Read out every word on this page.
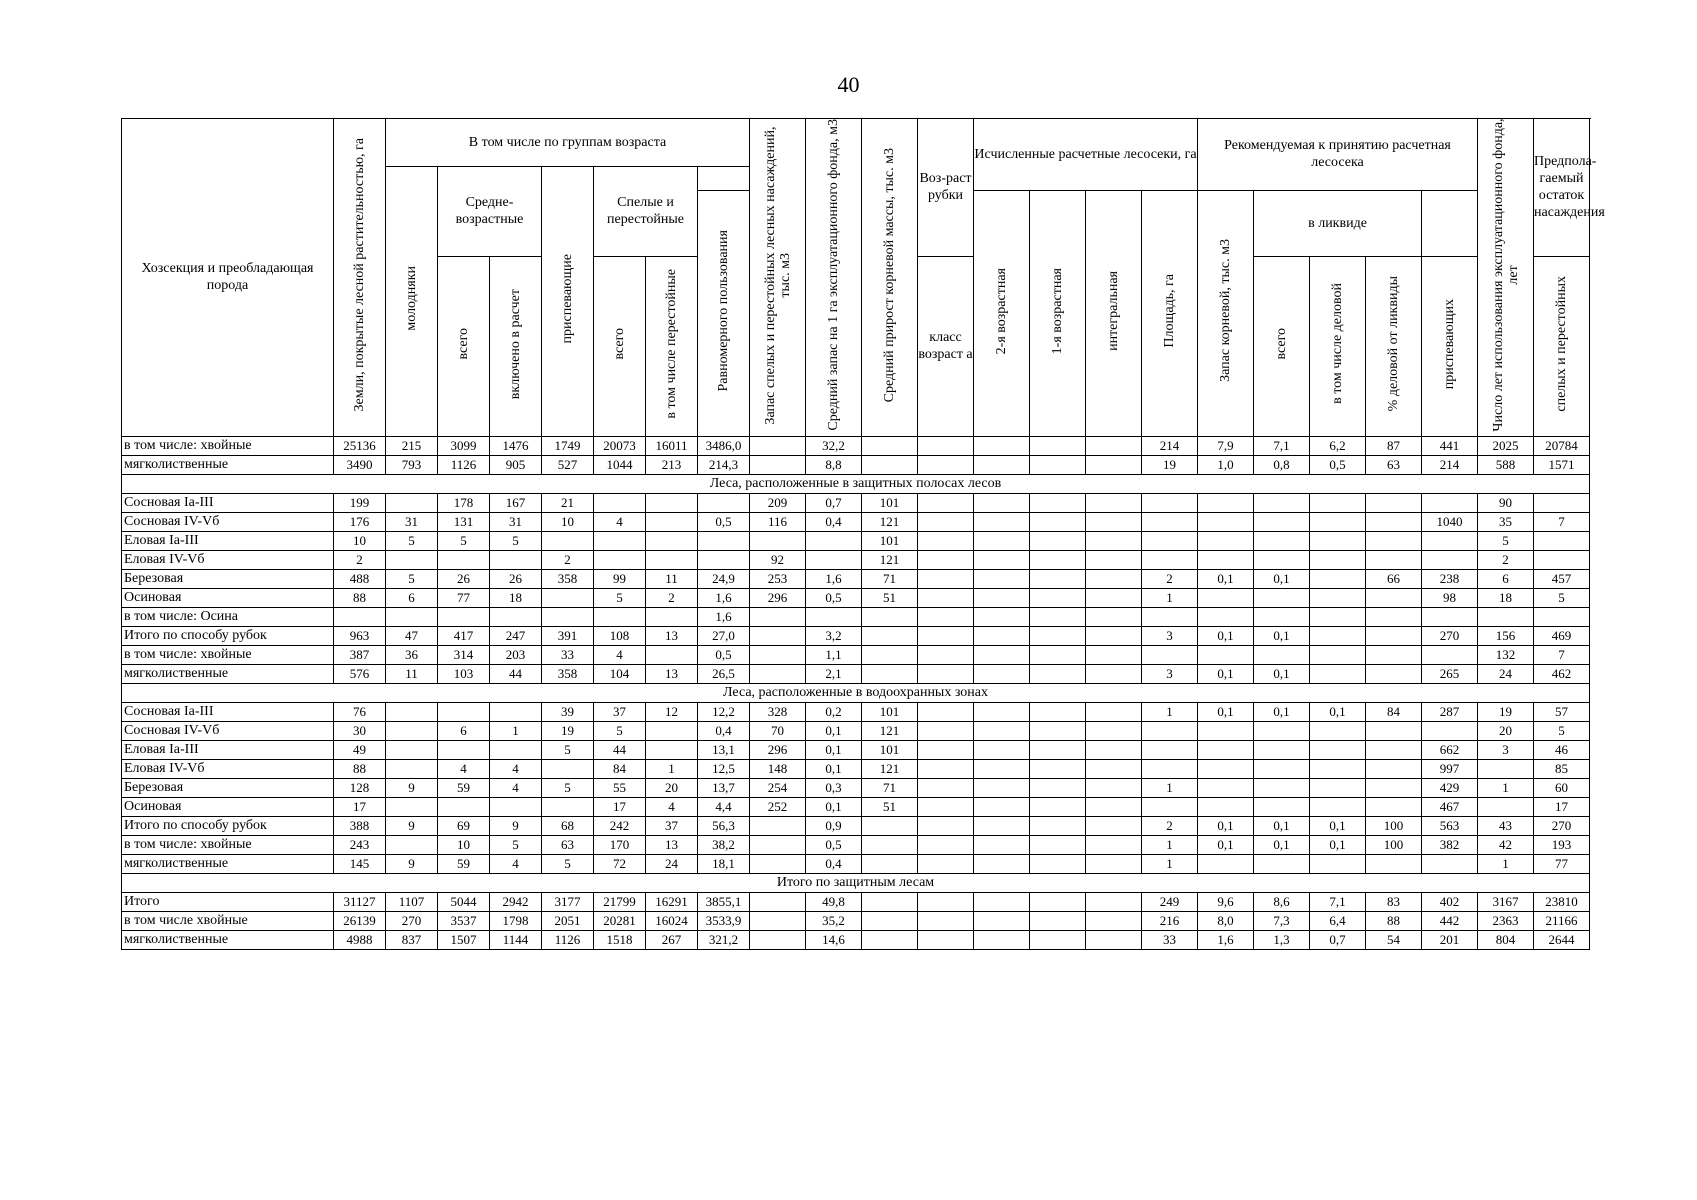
40
Хозсекция и преобладающая порода	Земли, покрытые лесной растительностью, га	В том числе по группам возраста							Запас спелых и перестойных лесных насаждений, тыс. м3	Средний запас на 1 га эксплуатационного фонда, м3	Средний прирост корневой массы, тыс. м3	Воз-раст рубки	Исчисленные расчетные лесосеки, га				Рекомендуемая к принятию расчетная лесосека					Число лет использования эксплуатационного фонда, лет	Предпола-гаемый остаток насаждения
		молодняки	Средне-возрастные		приспевающие	Спелые и перестойные																	
								Равномерного пользования					2-я возрастная	1-я возрастная	интегральная	Площадь, га	Запас корневой, тыс. м3	в ликвиде					
			всего	включено в расчет		всего	в том числе перестойные					класс возраст а						всего	в том числе деловой	% деловой от ликвиды	приспевающих		спелых и перестойных

в том числе: хвойные	25136	215	3099	1476	1749	20073	16011	3486,0		32,2						214	7,9	7,1	6,2	87	441	2025	20784
мягколиственные	3490	793	1126	905	527	1044	213	214,3		8,8						19	1,0	0,8	0,5	63	214	588	1571
Леса, расположенные в защитных полосах лесов																							
Сосновая Ia-III	199		178	167	21				209	0,7	101											90	
Сосновая IV-Vб	176	31	131	31	10	4		0,5	116	0,4	121										1040	35	7
Еловая Ia-III	10	5	5	5							101											5	
Еловая IV-Vб	2				2				92		121											2	
Березовая	488	5	26	26	358	99	11	24,9	253	1,6	71					2	0,1	0,1		66	238	6	457
Осиновая	88	6	77	18		5	2	1,6	296	0,5	51					1					98	18	5
в том числе: Осина								1,6															
Итого по способу рубок	963	47	417	247	391	108	13	27,0		3,2						3	0,1	0,1			270	156	469
в том числе: хвойные	387	36	314	203	33	4		0,5		1,1												132	7
мягколиственные	576	11	103	44	358	104	13	26,5		2,1						3	0,1	0,1			265	24	462
Леса, расположенные в водоохранных зонах																							
Сосновая Ia-III	76				39	37	12	12,2	328	0,2	101					1	0,1	0,1	0,1	84	287	19	57
Сосновая IV-Vб	30		6	1	19	5		0,4	70	0,1	121											20	5
Еловая Ia-III	49				5	44		13,1	296	0,1	101										662	3	46
Еловая IV-Vб	88		4	4		84	1	12,5	148	0,1	121										997		85
Березовая	128	9	59	4	5	55	20	13,7	254	0,3	71					1					429	1	60
Осиновая	17					17	4	4,4	252	0,1	51										467		17
Итого по способу рубок	388	9	69	9	68	242	37	56,3		0,9						2	0,1	0,1	0,1	100	563	43	270
в том числе: хвойные	243		10	5	63	170	13	38,2		0,5						1	0,1	0,1	0,1	100	382	42	193
мягколиственные	145	9	59	4	5	72	24	18,1		0,4						1						1	77
Итого по защитным лесам																							
Итого	31127	1107	5044	2942	3177	21799	16291	3855,1		49,8						249	9,6	8,6	7,1	83	402	3167	23810
в том числе хвойные	26139	270	3537	1798	2051	20281	16024	3533,9		35,2						216	8,0	7,3	6,4	88	442	2363	21166
мягколиственные	4988	837	1507	1144	1126	1518	267	321,2		14,6						33	1,6	1,3	0,7	54	201	804	2644
